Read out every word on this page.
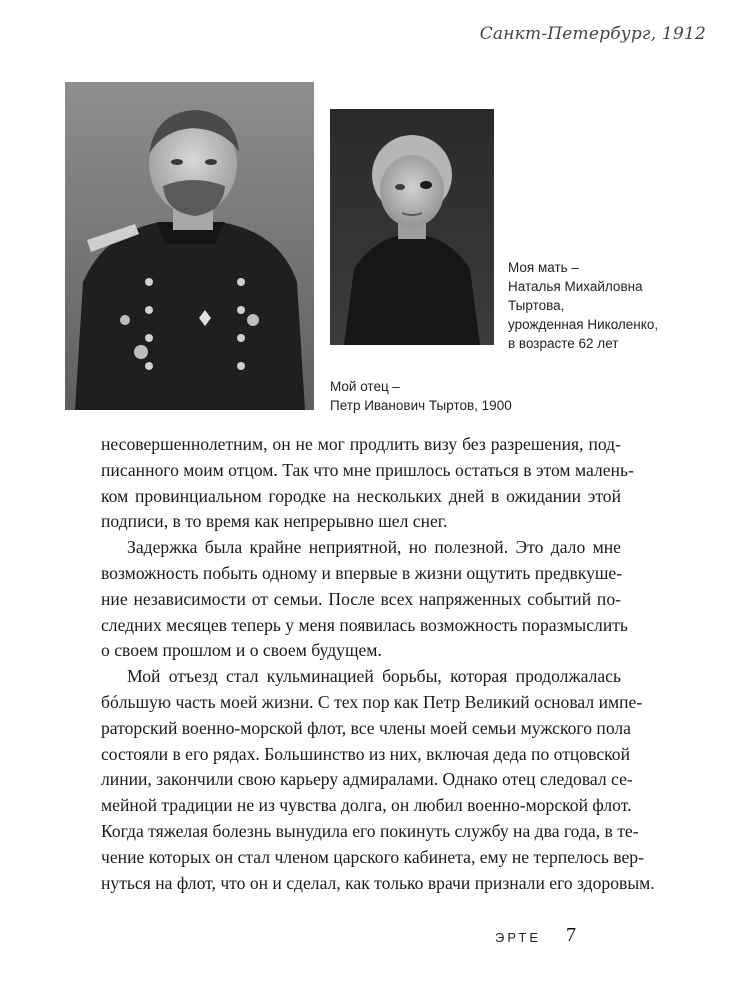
Санкт-Петербург, 1912
Моя мать –
Наталья Михайловна
Тыртова,
урожденная Николенко,
в возрасте 62 лет
Мой отец –
Петр Иванович Тыртов, 1900
несовершеннолетним, он не мог продлить визу без разрешения, под-
писанного моим отцом. Так что мне пришлось остаться в этом малень-
ком провинциальном городке на нескольких дней в ожидании этой
подписи, в то время как непрерывно шел снег.
Задержка была крайне неприятной, но полезной. Это дало мне
возможность побыть одному и впервые в жизни ощутить предвкуше-
ние независимости от семьи. После всех напряженных событий по-
следних месяцев теперь у меня появилась возможность поразмыслить
о своем прошлом и о своем будущем.
Мой отъезд стал кульминацией борьбы, которая продолжалась
бóльшую часть моей жизни. С тех пор как Петр Великий основал импе-
раторский военно-морской флот, все члены моей семьи мужского пола
состояли в его рядах. Большинство из них, включая деда по отцовской
линии, закончили свою карьеру адмиралами. Однако отец следовал се-
мейной традиции не из чувства долга, он любил военно-морской флот.
Когда тяжелая болезнь вынудила его покинуть службу на два года, в те-
чение которых он стал членом царского кабинета, ему не терпелось вер-
нуться на флот, что он и сделал, как только врачи признали его здоровым.
ЭРТЕ 7
